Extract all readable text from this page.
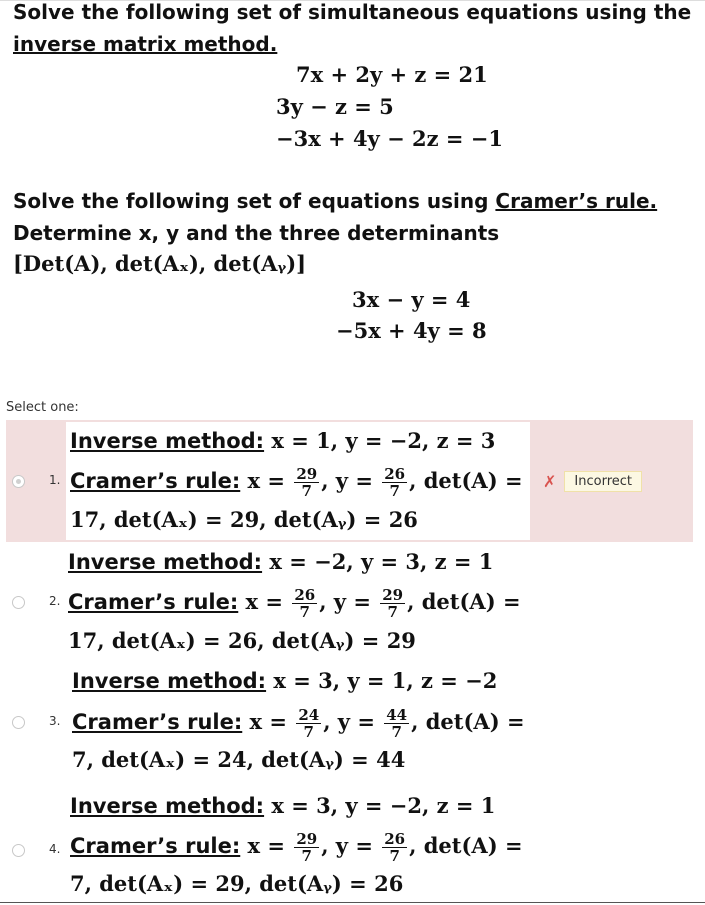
Solve the following set of simultaneous equations using the
inverse matrix method.
7x + 2y + z = 21
3y − z = 5
−3x + 4y − 2z = −1
Solve the following set of equations using Cramer’s rule.
Determine x, y and the three determinants
[Det(A), det(Aₓ), det(Aᵧ)]
3x − y = 4
−5x + 4y = 8
Select one:
1.
Inverse method: x = 1, y = −2, z = 3
Cramer’s rule: $x = \frac{29}{7}$ , $y = \frac{26}{7}$ , det(A) =
17, det(Aₓ) = 29, det(Aᵧ) = 26
✗ Incorrect
2.
Inverse method: x = −2, y = 3, z = 1
Cramer’s rule: $x = \frac{26}{7}$ , $y = \frac{29}{7}$ , det(A) =
17, det(Aₓ) = 26, det(Aᵧ) = 29
3.
Inverse method: x = 3, y = 1, z = −2
Cramer’s rule: $x = \frac{24}{7}$ , $y = \frac{44}{7}$ , det(A) =
7, det(Aₓ) = 24, det(Aᵧ) = 44
4.
Inverse method: x = 3, y = −2, z = 1
Cramer’s rule: $x = \frac{29}{7}$ , $y = \frac{26}{7}$ , det(A) =
7, det(Aₓ) = 29, det(Aᵧ) = 26
